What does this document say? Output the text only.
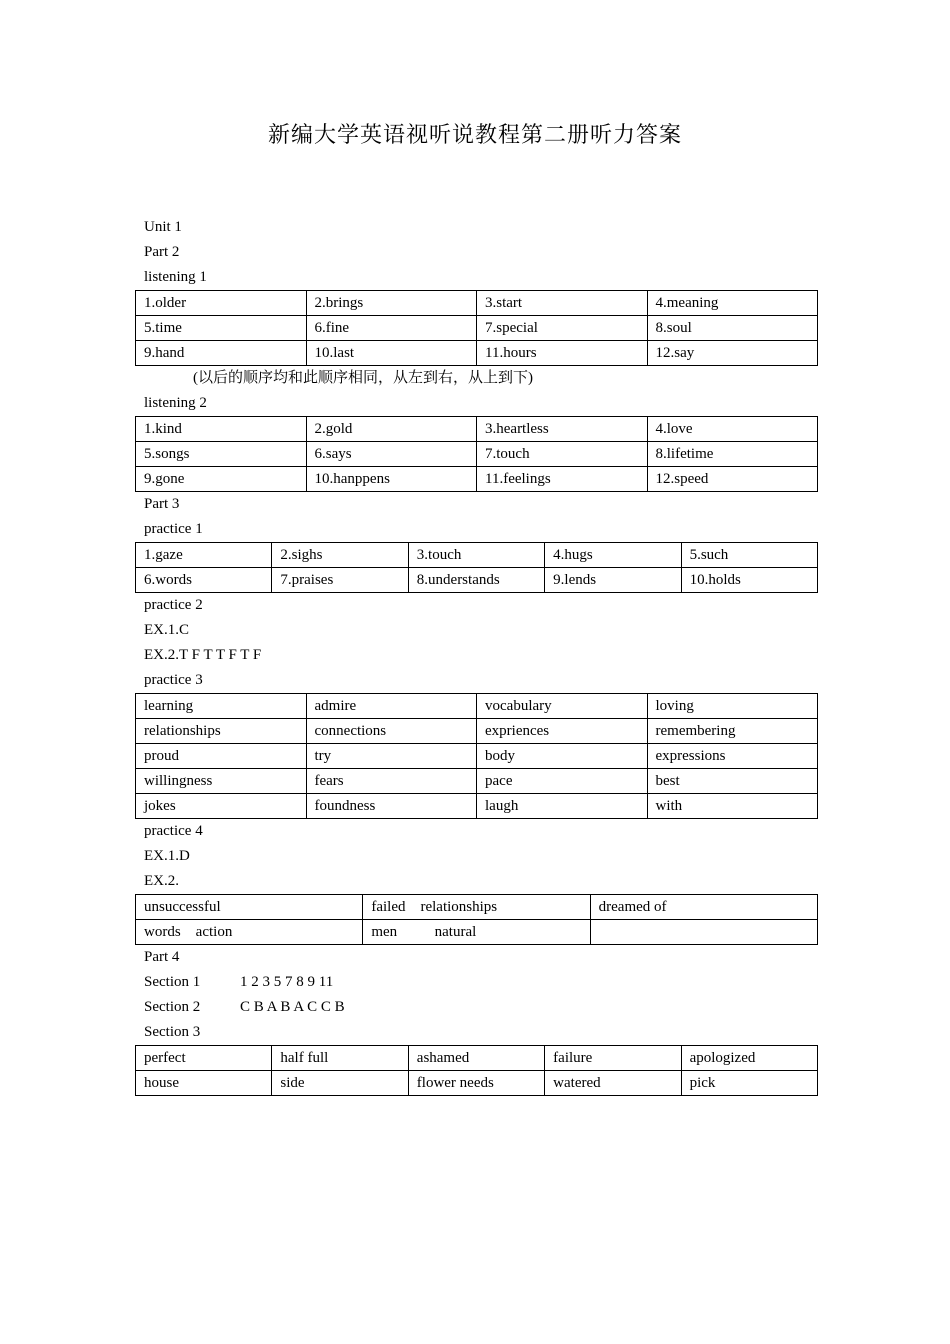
新编大学英语视听说教程第二册听力答案
Unit 1
Part 2
listening 1
1.older	2.brings	3.start	4.meaning
5.time	6.fine	7.special	8.soul
9.hand	10.last	11.hours	12.say
(以后的顺序均和此顺序相同，从左到右，从上到下)
listening 2
1.kind	2.gold	3.heartless	4.love
5.songs	6.says	7.touch	8.lifetime
9.gone	10.hanppens	11.feelings	12.speed
Part 3
practice 1
1.gaze	2.sighs	3.touch	4.hugs	5.such
6.words	7.praises	8.understands	9.lends	10.holds
practice 2
EX.1.C
EX.2.T F T T F T F
practice 3
learning	admire	vocabulary	loving
relationships	connections	expriences	remembering
proud	try	body	expressions
willingness	fears	pace	best
jokes	foundness	laugh	with
practice 4
EX.1.D
EX.2.
unsuccessful	failed    relationships	dreamed of
words    action	men          natural	
Part 4
Section 1	1 2 3 5 7 8 9 11
Section 2	C B A B A C C B
Section 3
perfect	half full	ashamed	failure	apologized
house	side	flower needs	watered	pick
